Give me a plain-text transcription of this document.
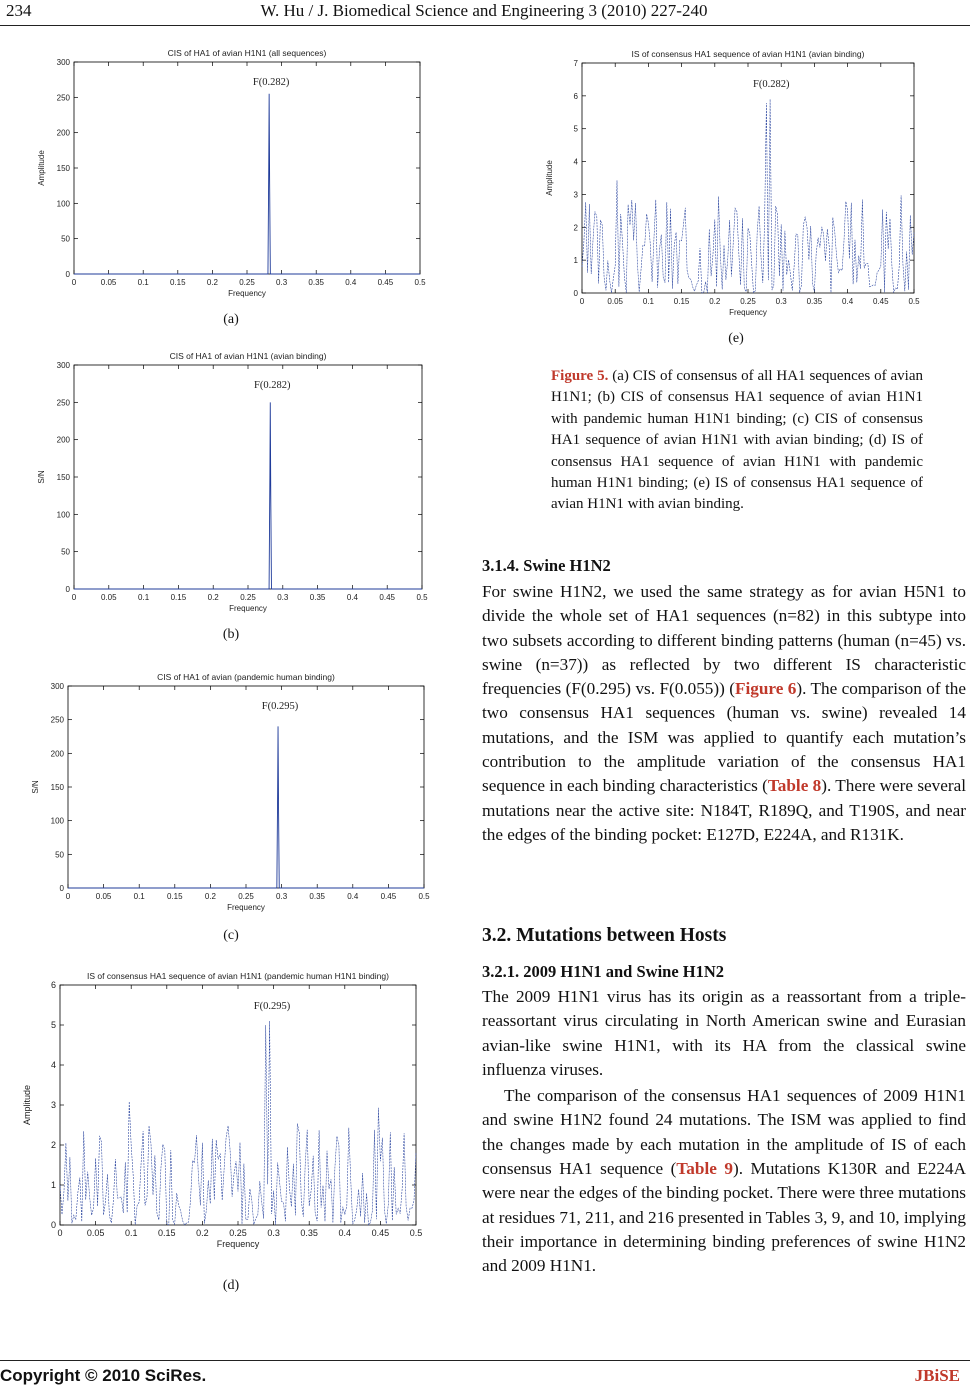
234	W. Hu / J. Biomedical Science and Engineering 3 (2010) 227-240
CIS of HA1 of avian H1N1 (all sequences)
0
50
100
150
200
250
300
0	0.05	0.1	0.15	0.2	0.25	0.3	0.35	0.4	0.45	0.5
Frequency
Amplitude
F(0.282)
(a)
CIS of HA1 of avian H1N1 (avian binding)
0
50
100
150
200
250
300
0	0.05	0.1	0.15	0.2	0.25	0.3	0.35	0.4	0.45	0.5
Frequency
S/N
F(0.282)
(b)
CIS of HA1 of avian (pandemic human binding)
0
50
100
150
200
250
300
0	0.05	0.1	0.15	0.2	0.25	0.3	0.35	0.4	0.45	0.5
Frequency
S/N
F(0.295)
(c)
IS of consensus HA1 sequence of avian H1N1 (pandemic human H1N1 binding)
0
1
2
3
4
5
6
0	0.05 0.1 0.15 0.2 0.25 0.3 0.35 0.4 0.45 0.5
Frequency
Amplitude
F(0.295)
(d)
IS of consensus HA1 sequence of avian H1N1 (avian binding)
0
1
2
3
4
5
6
7
0	0.05 0.1 0.15 0.2 0.25 0.3 0.35 0.4 0.45 0.5
Frequency
Amplitude
F(0.282)
(e)
Figure 5. (a) CIS of consensus of all HA1 sequences of avian H1N1; (b) CIS of consensus HA1 sequence of avian H1N1 with pandemic human H1N1 binding; (c) CIS of consensus HA1 sequence of avian H1N1 with avian binding; (d) IS of consensus HA1 sequence of avian H1N1 with pandemic human H1N1 binding; (e) IS of consensus HA1 sequence of avian H1N1 with avian binding.
3.1.4. Swine H1N2

For swine H1N2, we used the same strategy as for avian H5N1 to divide the whole set of HA1 sequences (n=82) in this subtype into two subsets according to different binding patterns (human (n=45) vs. swine (n=37)) as reflected by two different IS characteristic frequencies (F(0.295) vs. F(0.055)) (Figure 6). The comparison of the two consensus HA1 sequences (human vs. swine) revealed 14 mutations, and the ISM was applied to quantify each mutation’s contribution to the amplitude variation of the consensus HA1 sequence in each binding characteristics (Table 8). There were several mutations near the active site: N184T, R189Q, and T190S, and near the edges of the binding pocket: E127D, E224A, and R131K.

3.2. Mutations between Hosts
3.2.1. 2009 H1N1 and Swine H1N2

The 2009 H1N1 virus has its origin as a reassortant from a triple-reassortant virus circulating in North American swine and Eurasian avian-like swine H1N1, with its HA from the classical swine influenza viruses.

The comparison of the consensus HA1 sequences of 2009 H1N1 and swine H1N2 found 24 mutations. The ISM was applied to find the changes made by each mutation in the amplitude of IS of each consensus HA1 sequence (Table 9). Mutations K130R and E224A were near the edges of the binding pocket. There were three mutations at residues 71, 211, and 216 presented in Tables 3, 9, and 10, implying their importance in determining binding preferences of swine H1N2 and 2009 H1N1.

Copyright © 2010 SciRes.	JBiSE
